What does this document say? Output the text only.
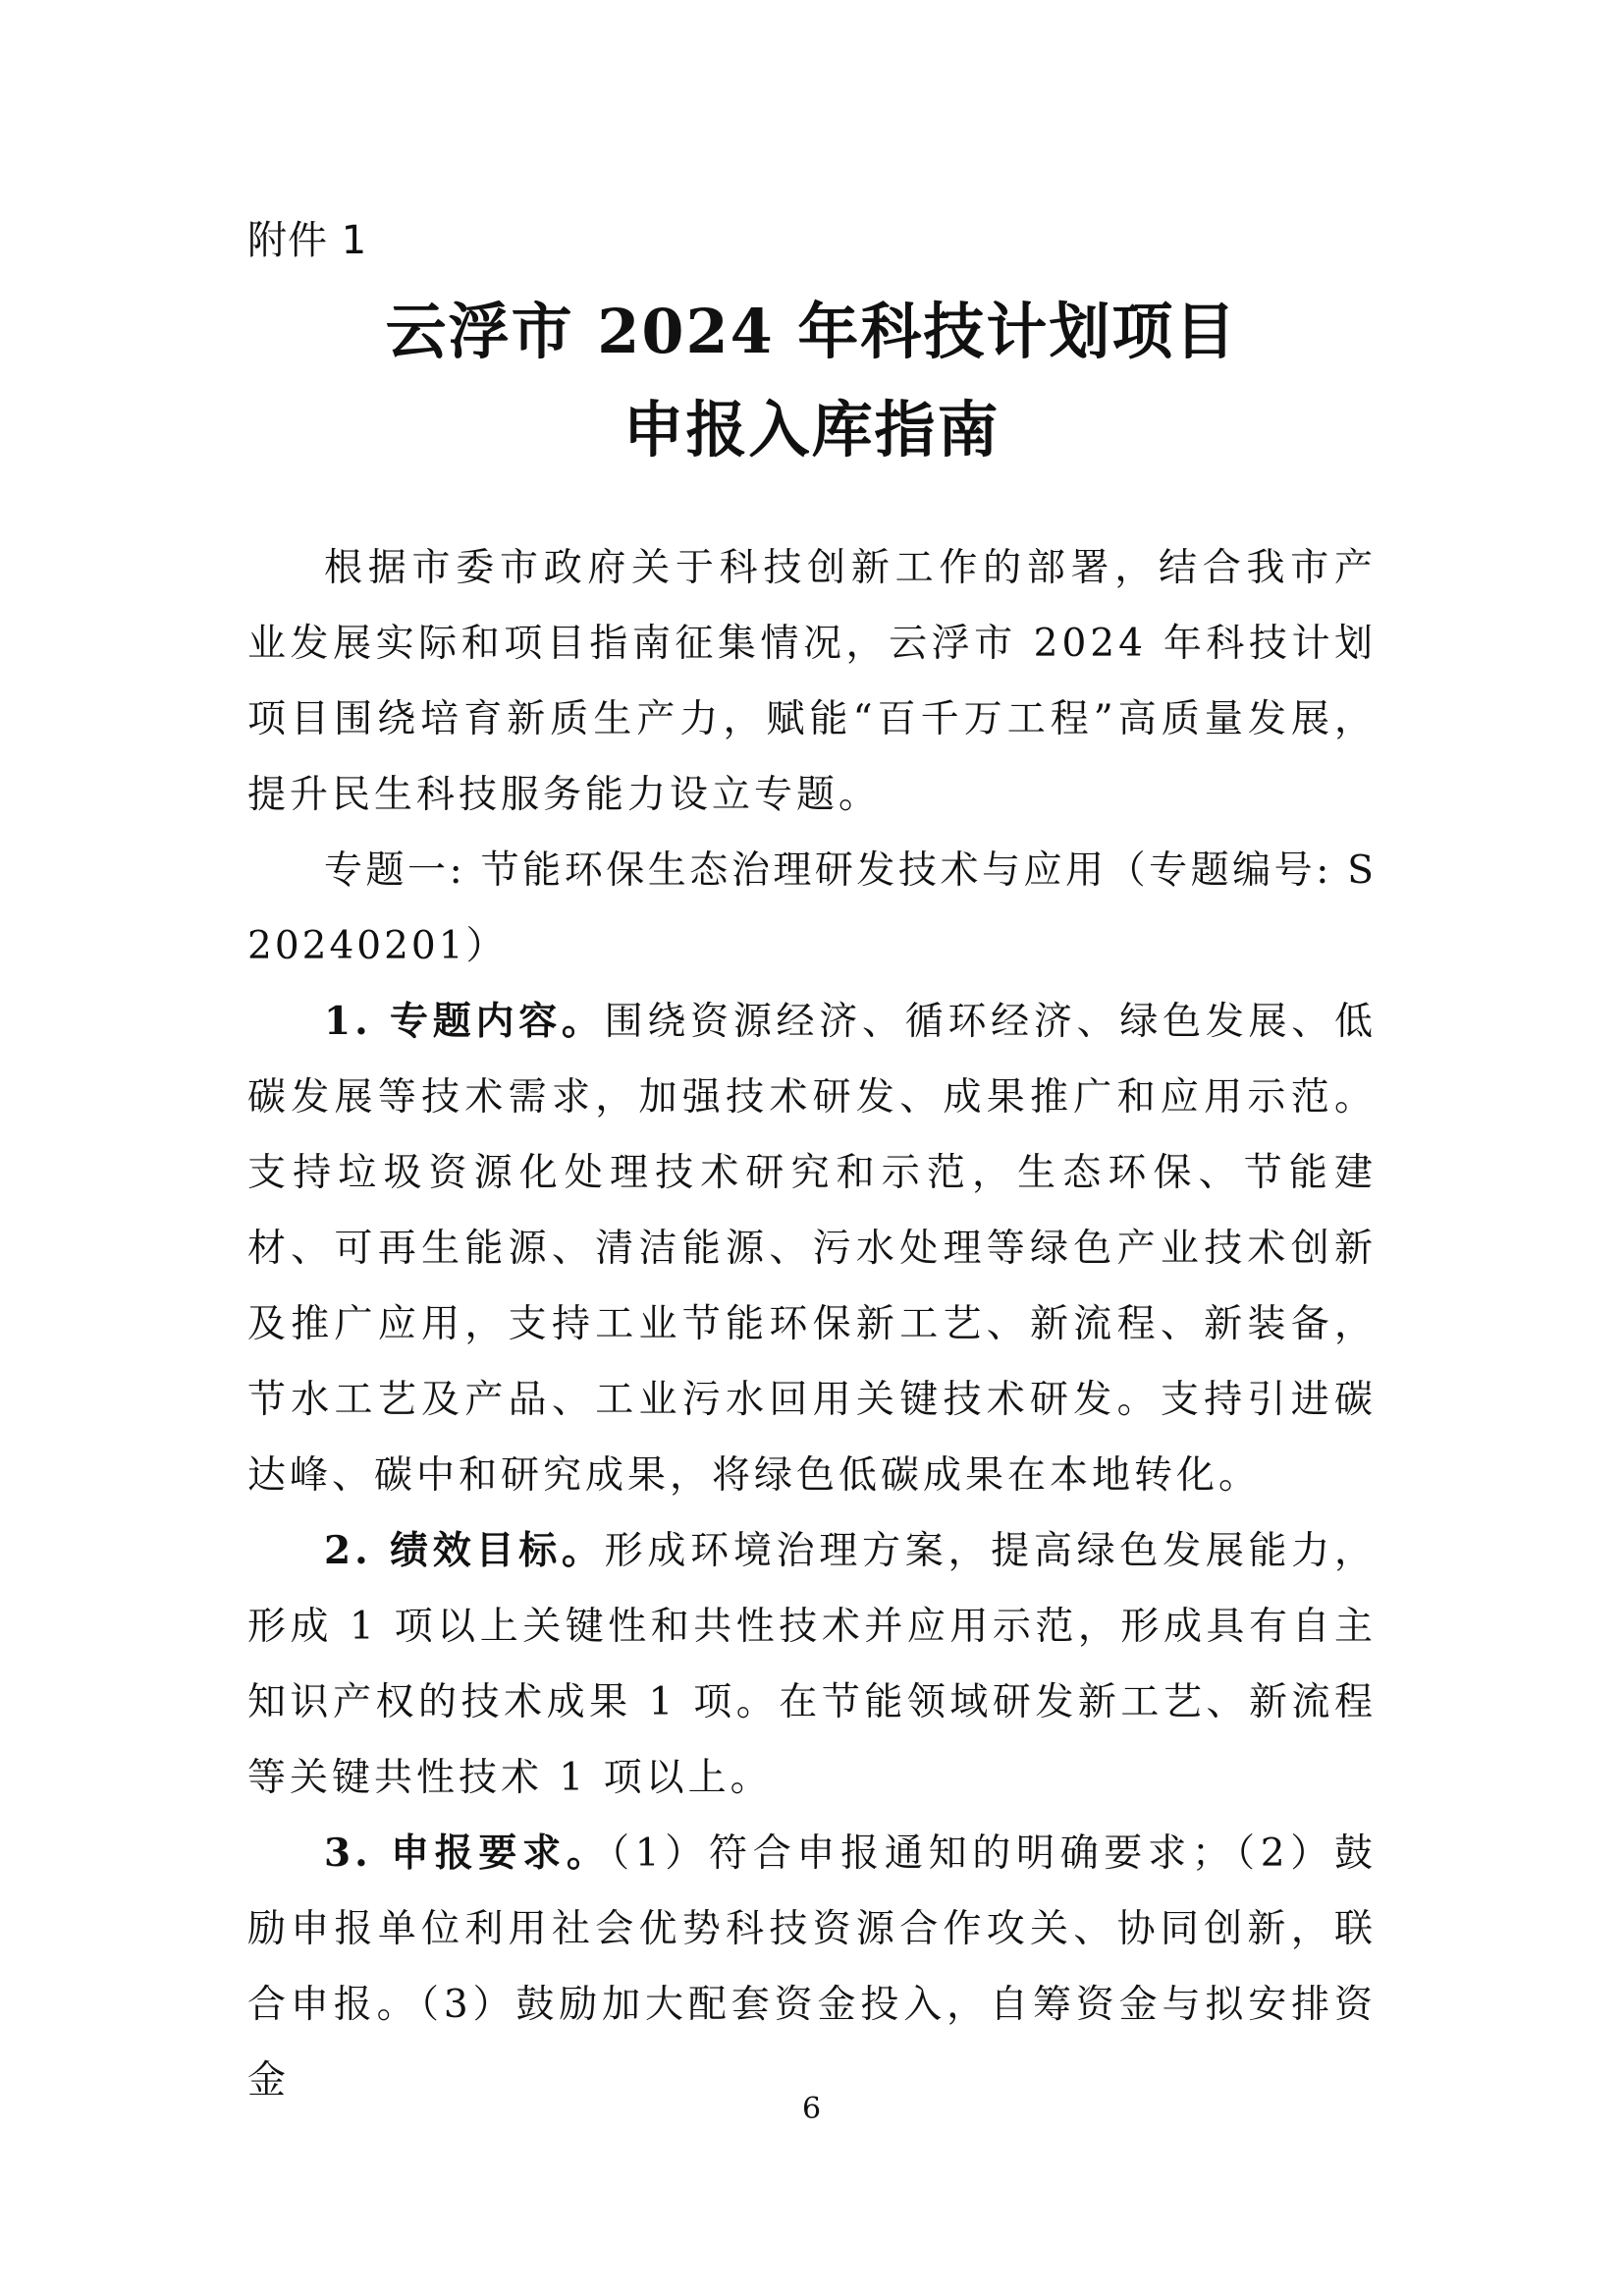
附件 1
云浮市 2024 年科技计划项目
申报入库指南

根据市委市政府关于科技创新工作的部署，结合我市产业发展实际和项目指南征集情况，云浮市 2024 年科技计划项目围绕培育新质生产力，赋能“百千万工程”高质量发展，提升民生科技服务能力设立专题。

专题一: 节能环保生态治理研发技术与应用（专题编号: S20240201）

1. 专题内容。围绕资源经济、循环经济、绿色发展、低碳发展等技术需求，加强技术研发、成果推广和应用示范。支持垃圾资源化处理技术研究和示范，生态环保、节能建材、可再生能源、清洁能源、污水处理等绿色产业技术创新及推广应用，支持工业节能环保新工艺、新流程、新装备，节水工艺及产品、工业污水回用关键技术研发。支持引进碳达峰、碳中和研究成果，将绿色低碳成果在本地转化。

2. 绩效目标。形成环境治理方案，提高绿色发展能力，形成 1 项以上关键性和共性技术并应用示范，形成具有自主知识产权的技术成果 1 项。在节能领域研发新工艺、新流程等关键共性技术 1 项以上。

3. 申报要求。（1）符合申报通知的明确要求；（2）鼓励申报单位利用社会优势科技资源合作攻关、协同创新，联合申报。（3）鼓励加大配套资金投入，自筹资金与拟安排资金

6
